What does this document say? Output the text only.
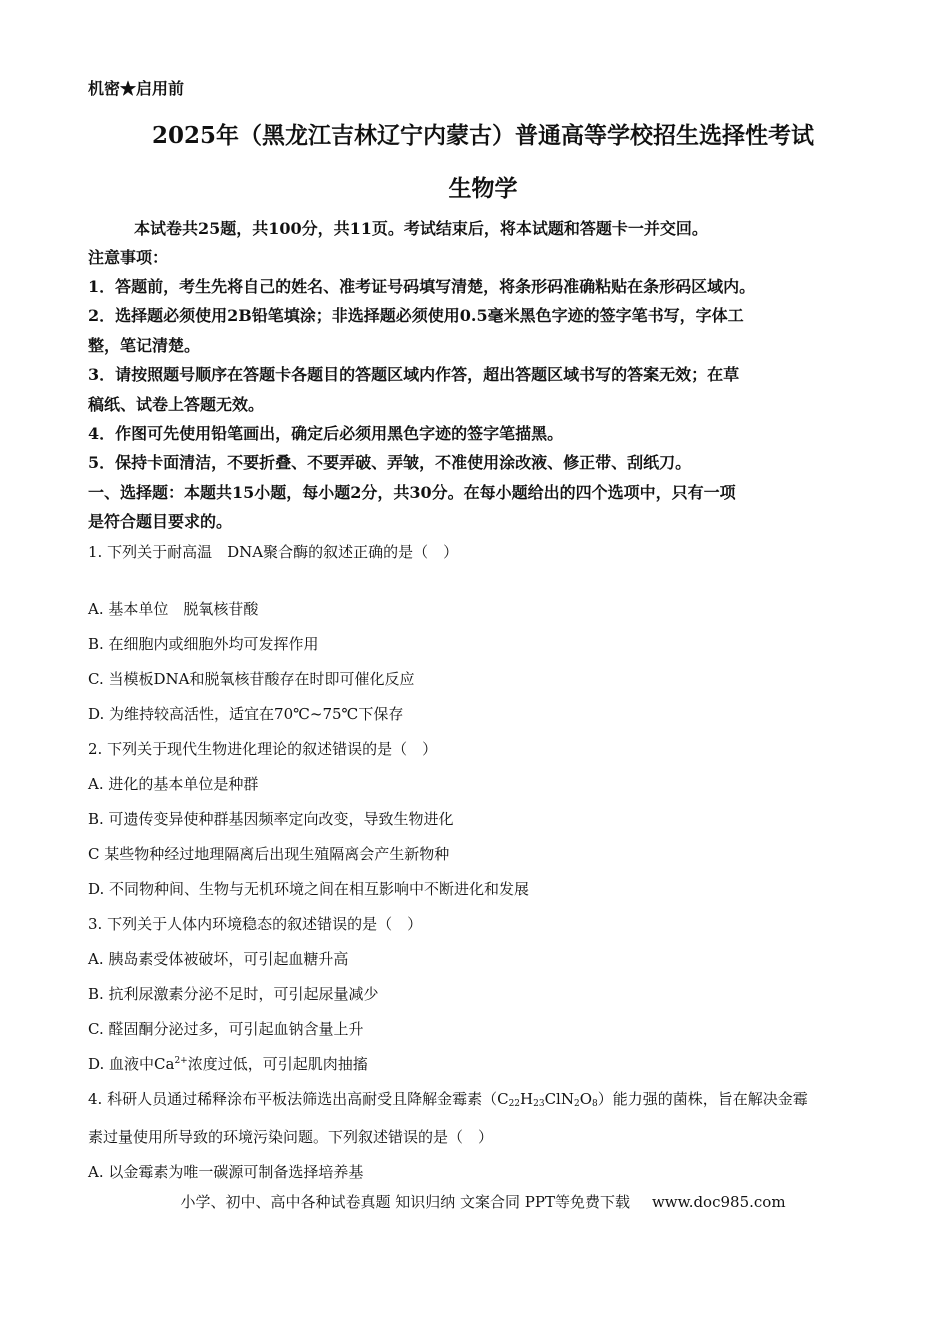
机密★启用前
2025年（黑龙江吉林辽宁内蒙古）普通高等学校招生选择性考试
生物学
本试卷共25题，共100分，共11页。考试结束后，将本试题和答题卡一并交回。
注意事项：
1．答题前，考生先将自己的姓名、准考证号码填写清楚，将条形码准确粘贴在条形码区域内。
2．选择题必须使用2B铅笔填涂；非选择题必须使用0.5毫米黑色字迹的签字笔书写，字体工
整，笔记清楚。
3．请按照题号顺序在答题卡各题目的答题区域内作答，超出答题区域书写的答案无效；在草
稿纸、试卷上答题无效。
4．作图可先使用铅笔画出，确定后必须用黑色字迹的签字笔描黑。
5．保持卡面清洁，不要折叠、不要弄破、弄皱，不准使用涂改液、修正带、刮纸刀。
一、选择题：本题共15小题，每小题2分，共30分。在每小题给出的四个选项中，只有一项
是符合题目要求的。
1. 下列关于耐高温　DNA聚合酶的叙述正确的是（　）
A. 基本单位　脱氧核苷酸
B. 在细胞内或细胞外均可发挥作用
C. 当模板DNA和脱氧核苷酸存在时即可催化反应
D. 为维持较高活性，适宜在70℃~75℃下保存
2. 下列关于现代生物进化理论的叙述错误的是（　）
A. 进化的基本单位是种群
B. 可遗传变异使种群基因频率定向改变，导致生物进化
C 某些物种经过地理隔离后出现生殖隔离会产生新物种
D. 不同物种间、生物与无机环境之间在相互影响中不断进化和发展
3. 下列关于人体内环境稳态的叙述错误的是（　）
A. 胰岛素受体被破坏，可引起血糖升高
B. 抗利尿激素分泌不足时，可引起尿量减少
C. 醛固酮分泌过多，可引起血钠含量上升
D. 血液中$Ca^{2+}$浓度过低，可引起肌肉抽搐
4. 科研人员通过稀释涂布平板法筛选出高耐受且降解金霉素$(C_{22}H_{23}ClN_2O_8)$能力强的菌株，旨在解决金霉
素过量使用所导致的环境污染问题。下列叙述错误的是（　）
A. 以金霉素为唯一碳源可制备选择培养基
小学、初中、高中各种试卷真题 知识归纳 文案合同 PPT等免费下载 www.doc985.com
